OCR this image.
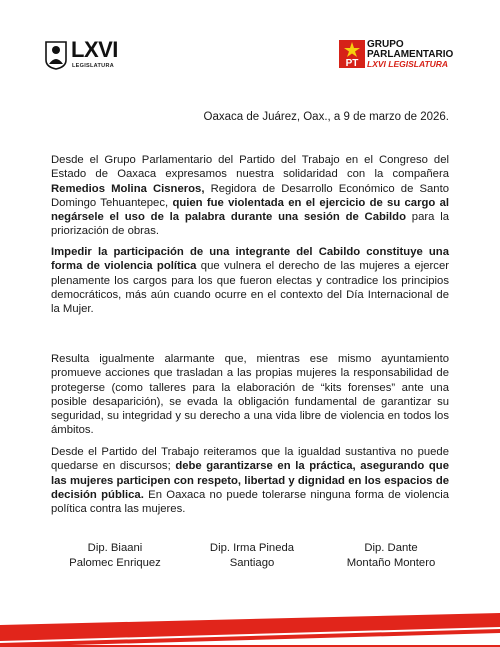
LXVI
LEGISLATURA	PT
GRUPO
PARLAMENTARIO
LXVI LEGISLATURA
Oaxaca de Juárez, Oax., a 9 de marzo de 2026.
Desde el Grupo Parlamentario del Partido del Trabajo en el Congreso del Estado de Oaxaca expresamos nuestra solidaridad con la compañera Remedios Molina Cisneros, Regidora de Desarrollo Económico de Santo Domingo Tehuantepec, quien fue violentada en el ejercicio de su cargo al negársele el uso de la palabra durante una sesión de Cabildo para la priorización de obras.
Impedir la participación de una integrante del Cabildo constituye una forma de violencia política que vulnera el derecho de las mujeres a ejercer plenamente los cargos para los que fueron electas y contradice los principios democráticos, más aún cuando ocurre en el contexto del Día Internacional de la Mujer.
Resulta igualmente alarmante que, mientras ese mismo ayuntamiento promueve acciones que trasladan a las propias mujeres la responsabilidad de protegerse (como talleres para la elaboración de “kits forenses” ante una posible desaparición), se evada la obligación fundamental de garantizar su seguridad, su integridad y su derecho a una vida libre de violencia en todos los ámbitos.
Desde el Partido del Trabajo reiteramos que la igualdad sustantiva no puede quedarse en discursos; debe garantizarse en la práctica, asegurando que las mujeres participen con respeto, libertad y dignidad en los espacios de decisión pública. En Oaxaca no puede tolerarse ninguna forma de violencia política contra las mujeres.
Dip. Biaani
Palomec Enriquez
Dip. Irma Pineda
Santiago
Dip. Dante
Montaño Montero
